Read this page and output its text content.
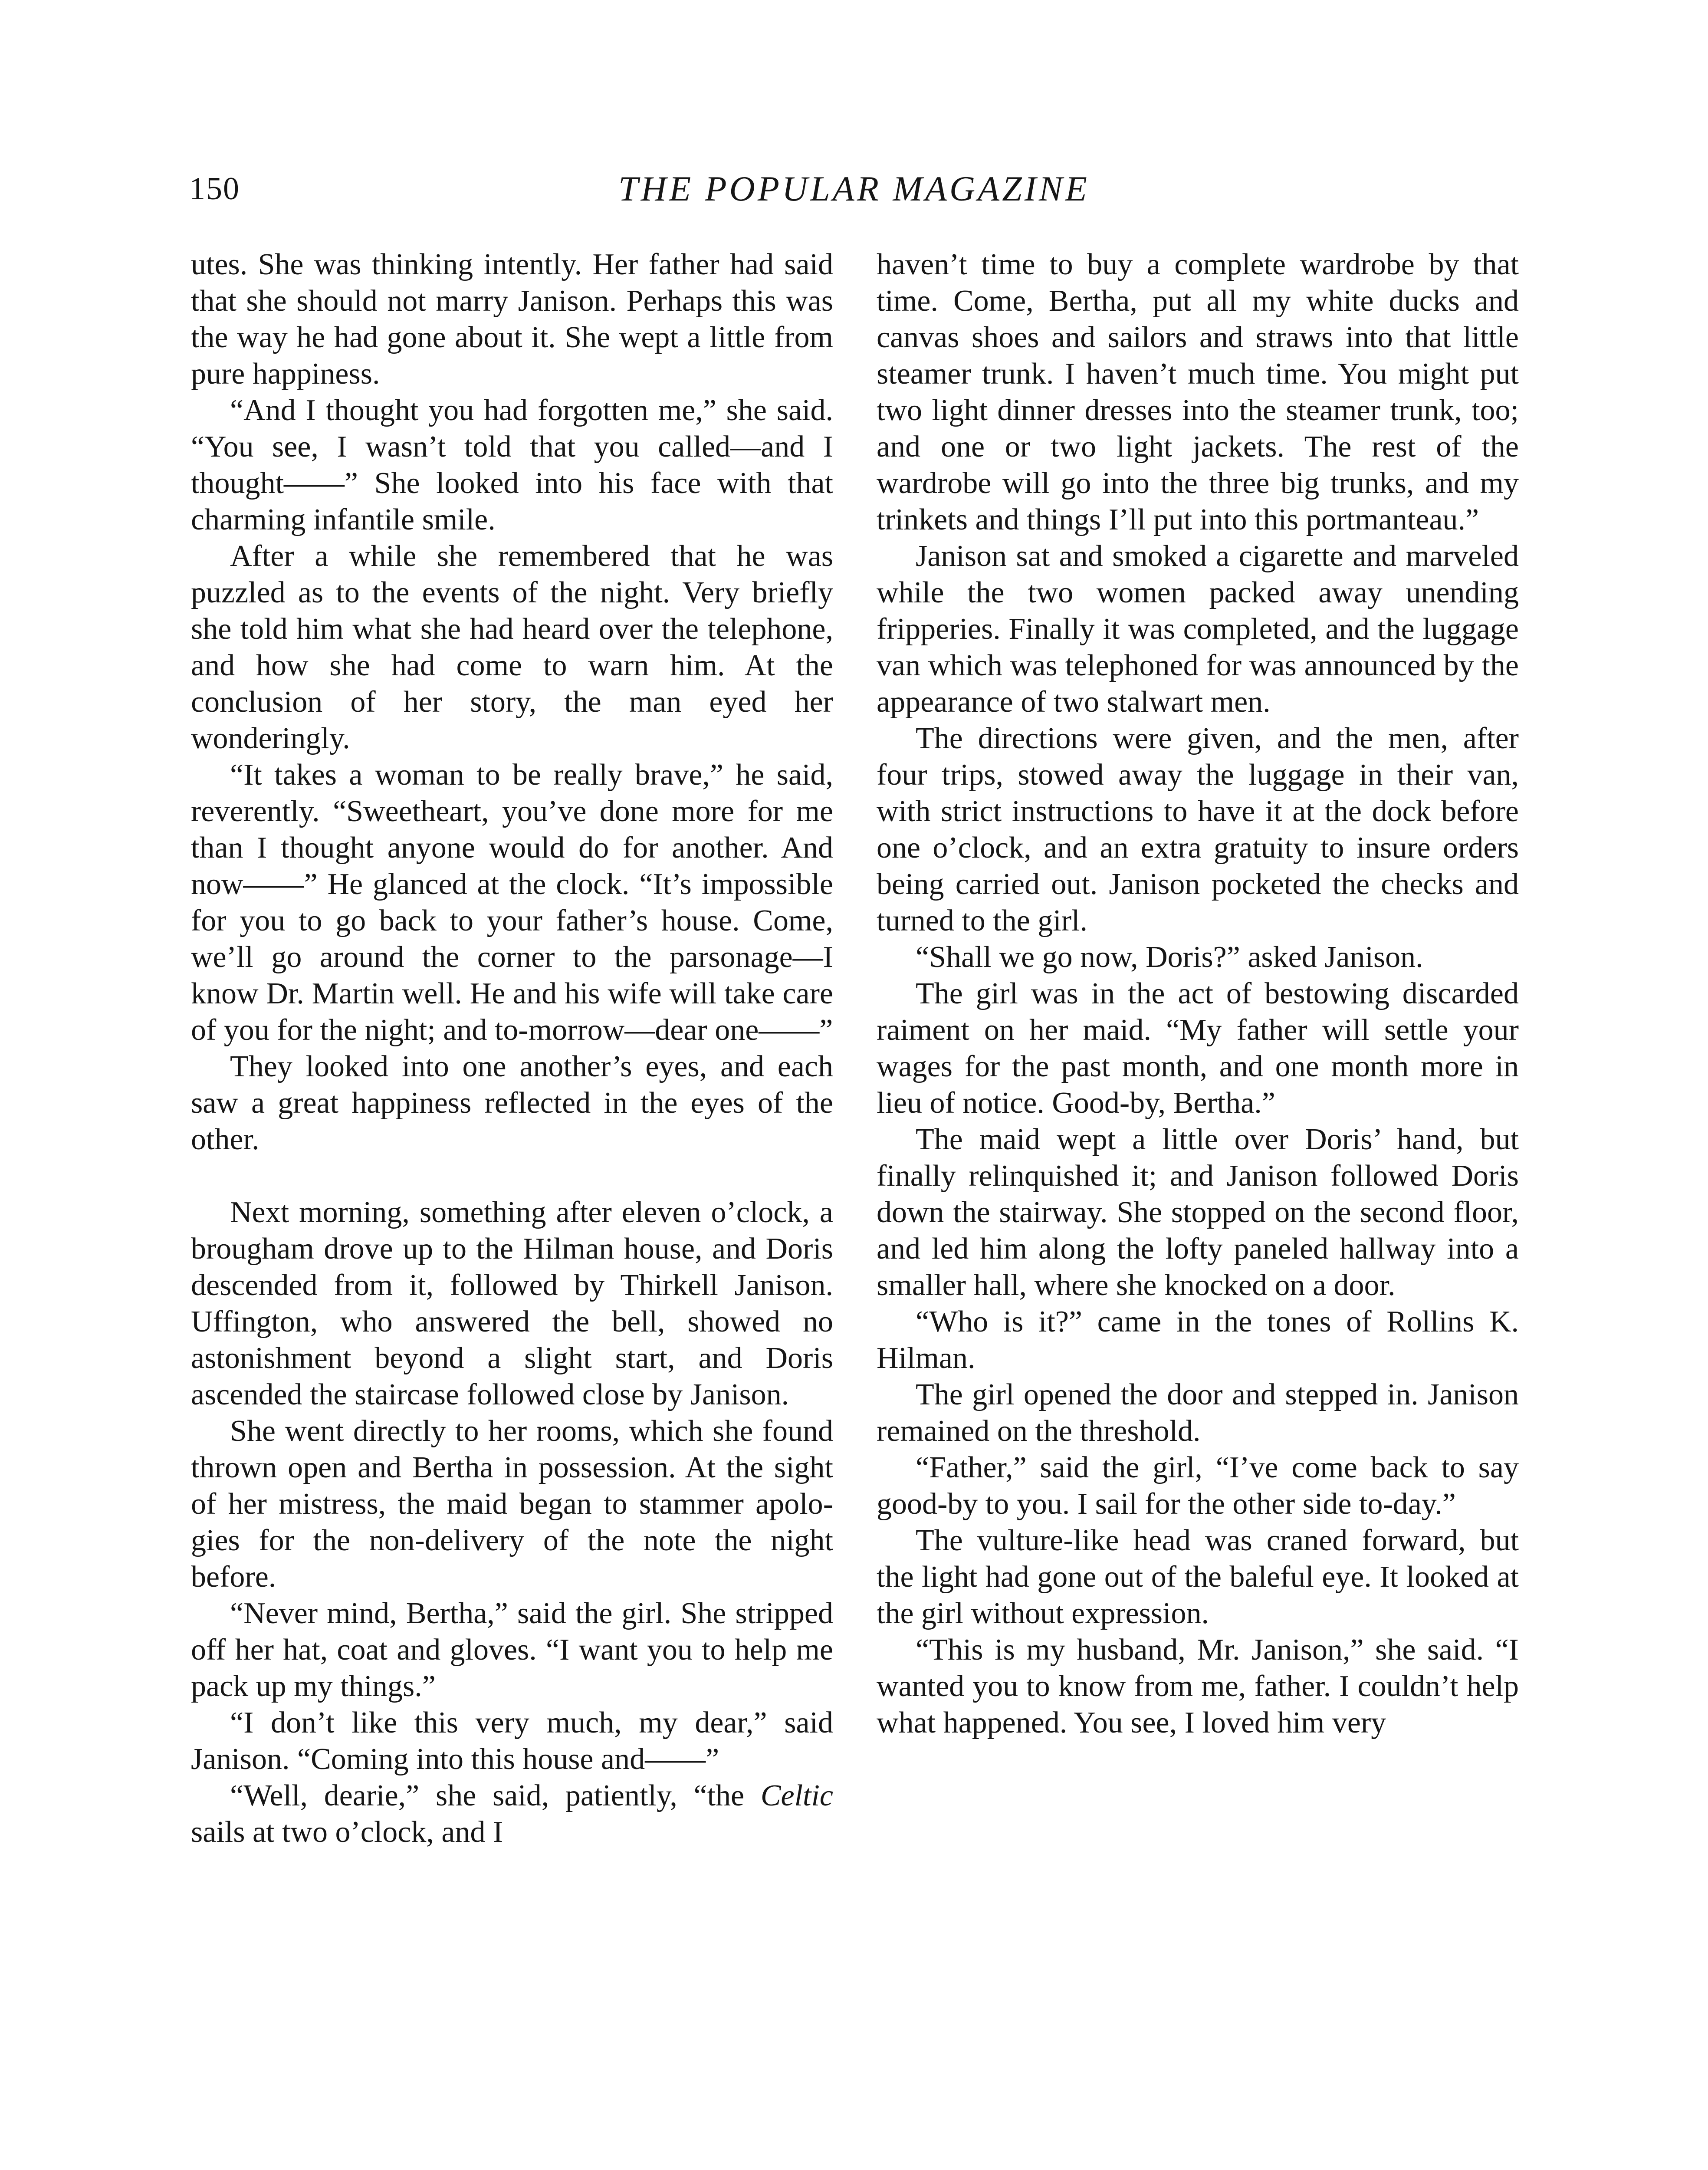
150	THE POPULAR MAGAZINE

utes. She was thinking intently. Her father had said that she should not marry Janison. Perhaps this was the way he had gone about it. She wept a little from pure happiness.

“And I thought you had forgotten me,” she said. “You see, I wasn’t told that you called—and I thought——” She looked into his face with that charming infantile smile.

After a while she remembered that he was puzzled as to the events of the night. Very briefly she told him what she had heard over the telephone, and how she had come to warn him. At the conclusion of her story, the man eyed her wonderingly.

“It takes a woman to be really brave,” he said, reverently. “Sweetheart, you’ve done more for me than I thought anyone would do for another. And now——” He glanced at the clock. “It’s impossible for you to go back to your father’s house. Come, we’ll go around the corner to the parsonage—I know Dr. Martin well. He and his wife will take care of you for the night; and to-morrow—dear one——”

They looked into one another’s eyes, and each saw a great happiness reflected in the eyes of the other.

Next morning, something after eleven o’clock, a brougham drove up to the Hilman house, and Doris descended from it, followed by Thirkell Janison. Uffington, who answered the bell, showed no astonishment beyond a slight start, and Doris ascended the staircase followed close by Janison.

She went directly to her rooms, which she found thrown open and Bertha in possession. At the sight of her mistress, the maid began to stammer apologies for the non-delivery of the note the night before.

“Never mind, Bertha,” said the girl. She stripped off her hat, coat and gloves. “I want you to help me pack up my things.”

“I don’t like this very much, my dear,” said Janison. “Coming into this house and——”

“Well, dearie,” she said, patiently, “the Celtic sails at two o’clock, and I

haven’t time to buy a complete wardrobe by that time. Come, Bertha, put all my white ducks and canvas shoes and sailors and straws into that little steamer trunk. I haven’t much time. You might put two light dinner dresses into the steamer trunk, too; and one or two light jackets. The rest of the wardrobe will go into the three big trunks, and my trinkets and things I’ll put into this portmanteau.”

Janison sat and smoked a cigarette and marveled while the two women packed away unending fripperies. Finally it was completed, and the luggage van which was telephoned for was announced by the appearance of two stalwart men.

The directions were given, and the men, after four trips, stowed away the luggage in their van, with strict instructions to have it at the dock before one o’clock, and an extra gratuity to insure orders being carried out. Janison pocketed the checks and turned to the girl.

“Shall we go now, Doris?” asked Janison.

The girl was in the act of bestowing discarded raiment on her maid. “My father will settle your wages for the past month, and one month more in lieu of notice. Good-by, Bertha.”

The maid wept a little over Doris’ hand, but finally relinquished it; and Janison followed Doris down the stairway. She stopped on the second floor, and led him along the lofty paneled hallway into a smaller hall, where she knocked on a door.

“Who is it?” came in the tones of Rollins K. Hilman.

The girl opened the door and stepped in. Janison remained on the threshold.

“Father,” said the girl, “I’ve come back to say good-by to you. I sail for the other side to-day.”

The vulture-like head was craned forward, but the light had gone out of the baleful eye. It looked at the girl without expression.

“This is my husband, Mr. Janison,” she said. “I wanted you to know from me, father. I couldn’t help what happened. You see, I loved him very
